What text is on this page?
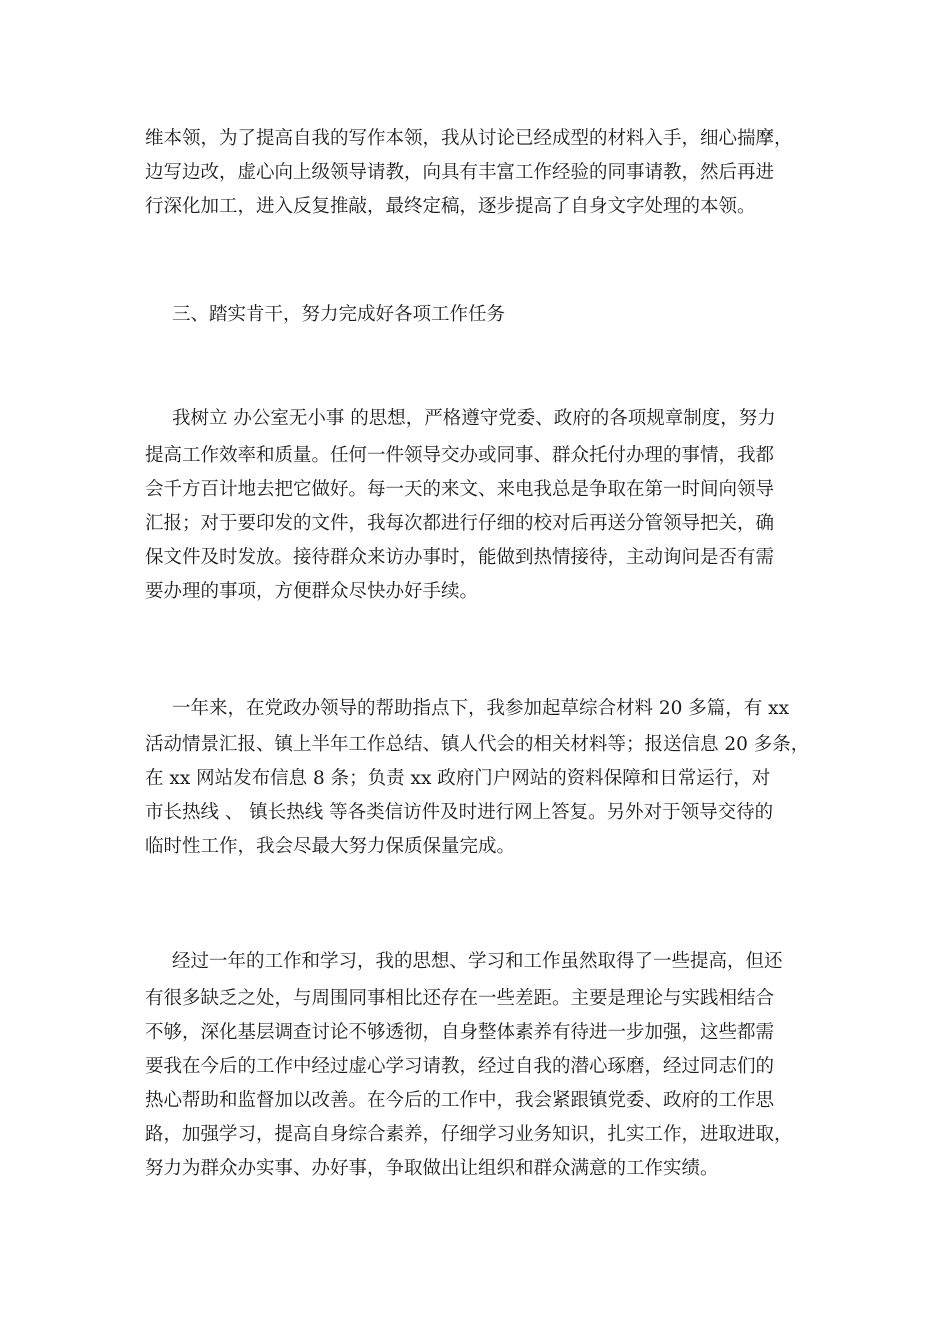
维本领，为了提高自我的写作本领，我从讨论已经成型的材料入手，细心揣摩，
边写边改，虚心向上级领导请教，向具有丰富工作经验的同事请教，然后再进
行深化加工，进入反复推敲，最终定稿，逐步提高了自身文字处理的本领。
三、踏实肯干，努力完成好各项工作任务
我树立 办公室无小事 的思想，严格遵守党委、政府的各项规章制度，努力
提高工作效率和质量。任何一件领导交办或同事、群众托付办理的事情，我都
会千方百计地去把它做好。每一天的来文、来电我总是争取在第一时间向领导
汇报；对于要印发的文件，我每次都进行仔细的校对后再送分管领导把关，确
保文件及时发放。接待群众来访办事时，能做到热情接待，主动询问是否有需
要办理的事项，方便群众尽快办好手续。
一年来，在党政办领导的帮助指点下，我参加起草综合材料 20 多篇，有 xx
活动情景汇报、镇上半年工作总结、镇人代会的相关材料等；报送信息 20 多条，
在 xx 网站发布信息 8 条；负责 xx 政府门户网站的资料保障和日常运行，对
市长热线 、 镇长热线 等各类信访件及时进行网上答复。另外对于领导交待的
临时性工作，我会尽最大努力保质保量完成。
经过一年的工作和学习，我的思想、学习和工作虽然取得了一些提高，但还
有很多缺乏之处，与周围同事相比还存在一些差距。主要是理论与实践相结合
不够，深化基层调查讨论不够透彻，自身整体素养有待进一步加强，这些都需
要我在今后的工作中经过虚心学习请教，经过自我的潜心琢磨，经过同志们的
热心帮助和监督加以改善。在今后的工作中，我会紧跟镇党委、政府的工作思
路，加强学习，提高自身综合素养，仔细学习业务知识，扎实工作，进取进取，
努力为群众办实事、办好事，争取做出让组织和群众满意的工作实绩。
